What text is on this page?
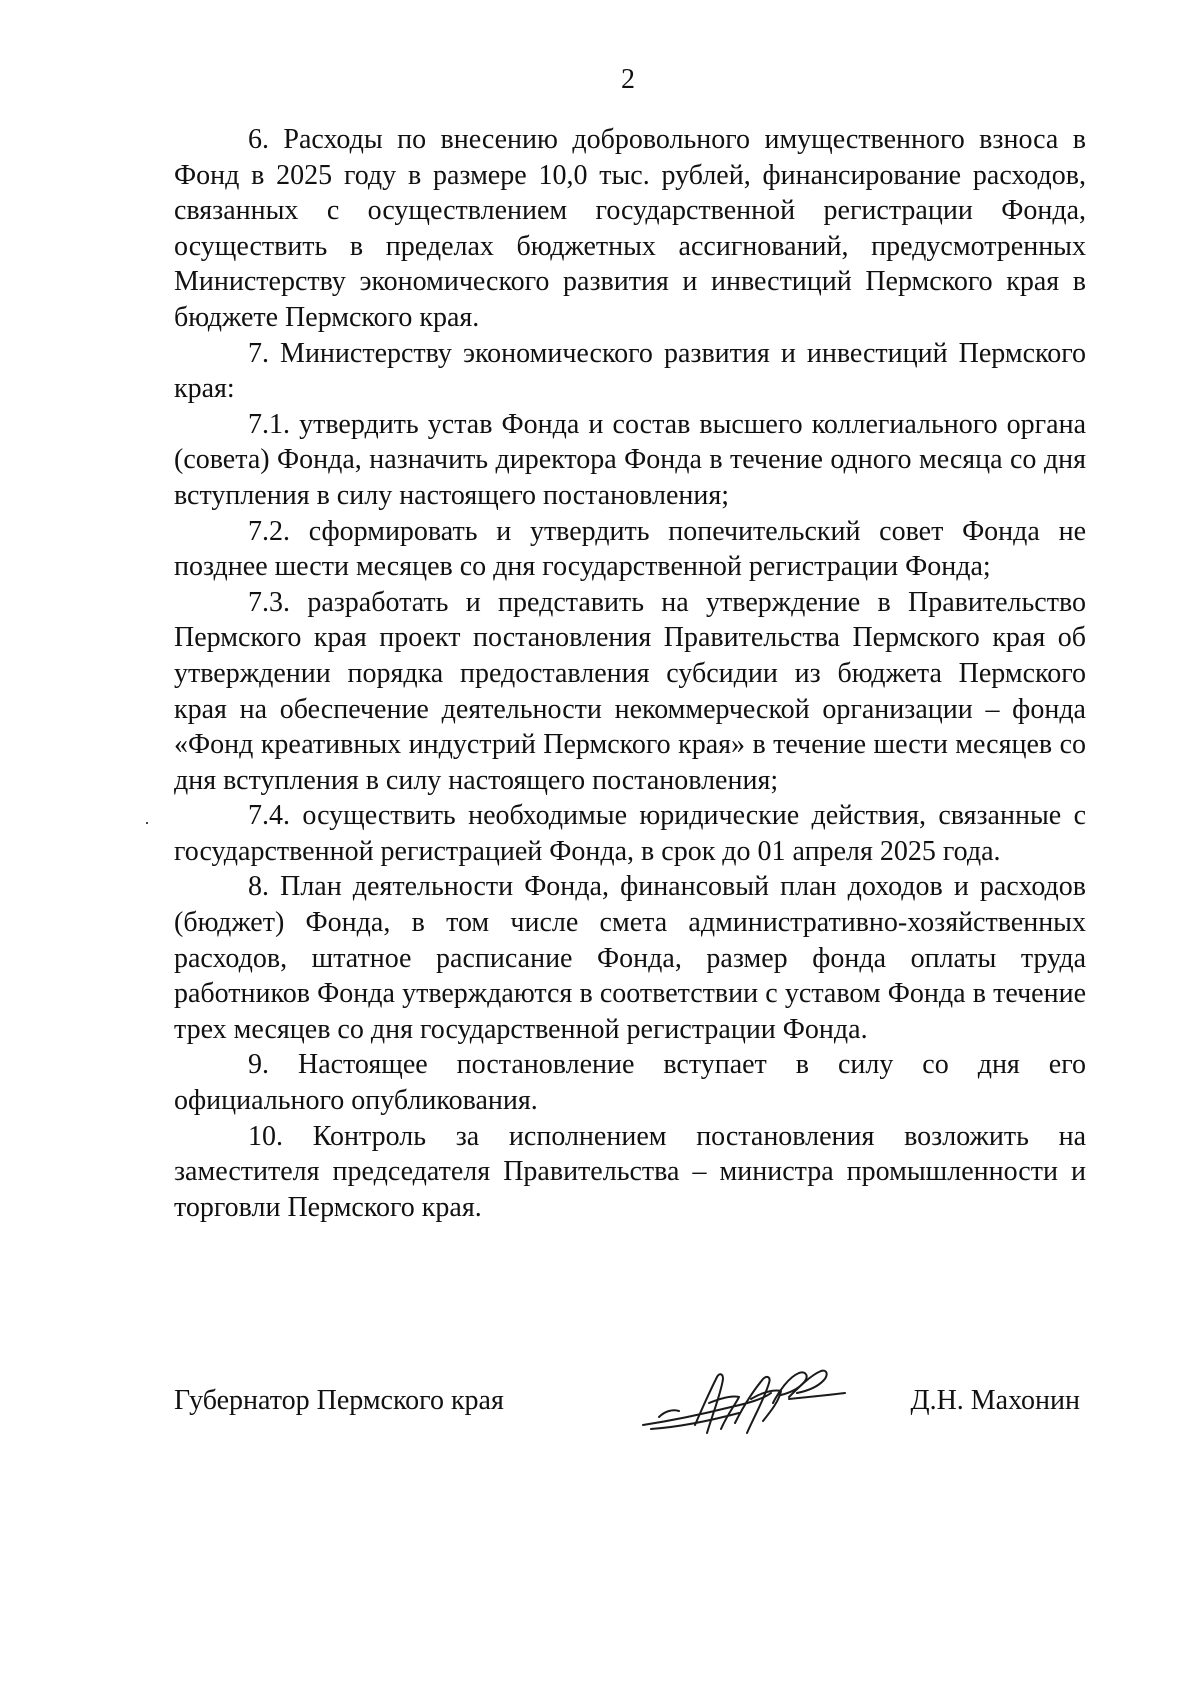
2

6. Расходы по внесению добровольного имущественного взноса в Фонд в 2025 году в размере 10,0 тыс. рублей, финансирование расходов, связанных с осуществлением государственной регистрации Фонда, осуществить в пределах бюджетных ассигнований, предусмотренных Министерству экономического развития и инвестиций Пермского края в бюджете Пермского края.

7. Министерству экономического развития и инвестиций Пермского края:

7.1. утвердить устав Фонда и состав высшего коллегиального органа (совета) Фонда, назначить директора Фонда в течение одного месяца со дня вступления в силу настоящего постановления;

7.2. сформировать и утвердить попечительский совет Фонда не позднее шести месяцев со дня государственной регистрации Фонда;

7.3. разработать и представить на утверждение в Правительство Пермского края проект постановления Правительства Пермского края об утверждении порядка предоставления субсидии из бюджета Пермского края на обеспечение деятельности некоммерческой организации – фонда «Фонд креативных индустрий Пермского края» в течение шести месяцев со дня вступления в силу настоящего постановления;

7.4. осуществить необходимые юридические действия, связанные с государственной регистрацией Фонда, в срок до 01 апреля 2025 года.

8. План деятельности Фонда, финансовый план доходов и расходов (бюджет) Фонда, в том числе смета административно-хозяйственных расходов, штатное расписание Фонда, размер фонда оплаты труда работников Фонда утверждаются в соответствии с уставом Фонда в течение трех месяцев со дня государственной регистрации Фонда.

9. Настоящее постановление вступает в силу со дня его официального опубликования.

10. Контроль за исполнением постановления возложить на заместителя председателя Правительства – министра промышленности и торговли Пермского края.

Губернатор Пермского края	Д.Н. Махонин
